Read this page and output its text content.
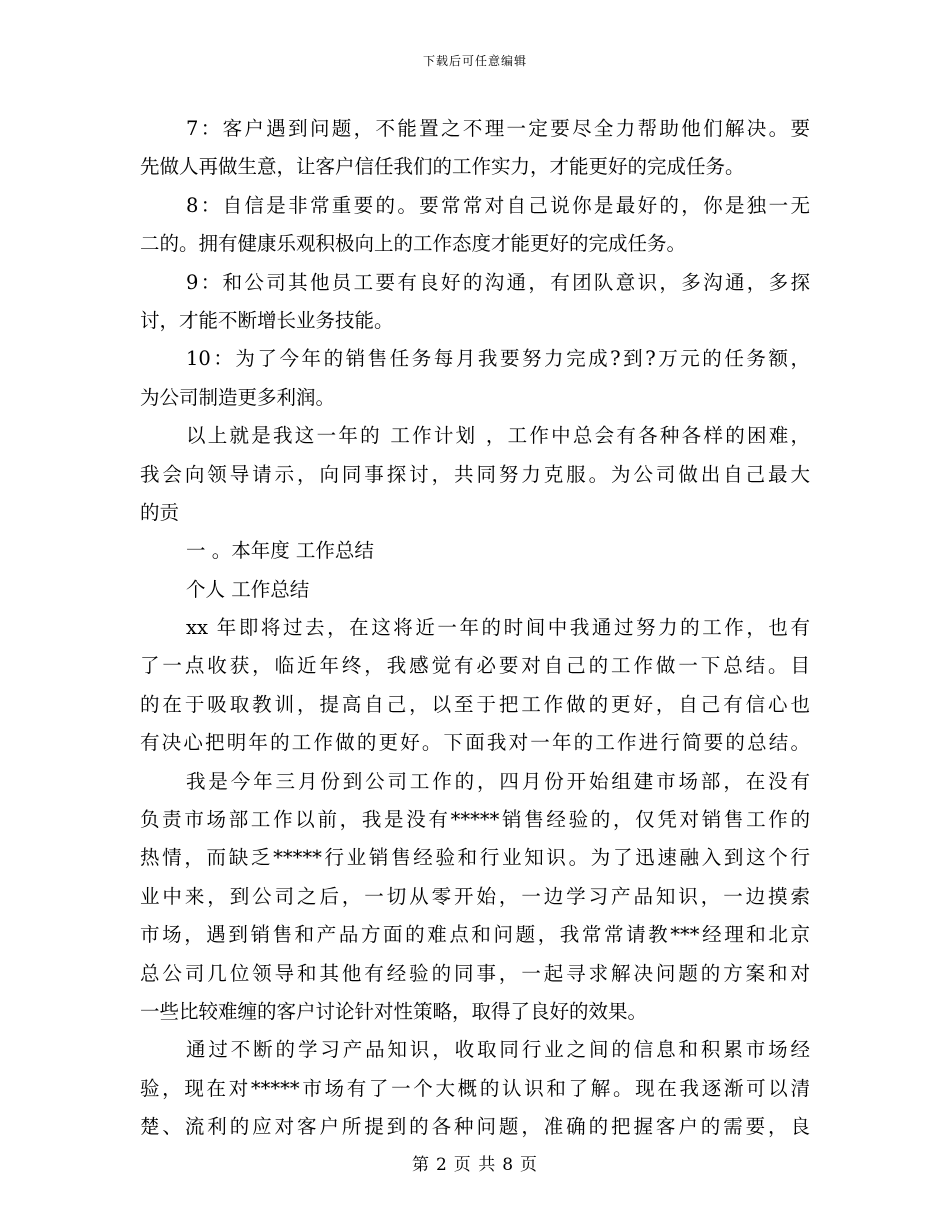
下载后可任意编辑
7：客户遇到问题，不能置之不理一定要尽全力帮助他们解决。要
先做人再做生意，让客户信任我们的工作实力，才能更好的完成任务。
8：自信是非常重要的。要常常对自己说你是最好的，你是独一无
二的。拥有健康乐观积极向上的工作态度才能更好的完成任务。
9：和公司其他员工要有良好的沟通，有团队意识，多沟通，多探
讨，才能不断增长业务技能。
10：为了今年的销售任务每月我要努力完成?到?万元的任务额，
为公司制造更多利润。
以上就是我这一年的 工作计划 ，工作中总会有各种各样的困难，
我会向领导请示，向同事探讨，共同努力克服。为公司做出自己最大
的贡
一 。本年度 工作总结
个人 工作总结
xx 年即将过去，在这将近一年的时间中我通过努力的工作，也有
了一点收获，临近年终，我感觉有必要对自己的工作做一下总结。目
的在于吸取教训，提高自己，以至于把工作做的更好，自己有信心也
有决心把明年的工作做的更好。下面我对一年的工作进行简要的总结。
我是今年三月份到公司工作的，四月份开始组建市场部，在没有
负责市场部工作以前，我是没有*****销售经验的，仅凭对销售工作的
热情，而缺乏*****行业销售经验和行业知识。为了迅速融入到这个行
业中来，到公司之后，一切从零开始，一边学习产品知识，一边摸索
市场，遇到销售和产品方面的难点和问题，我常常请教***经理和北京
总公司几位领导和其他有经验的同事，一起寻求解决问题的方案和对
一些比较难缠的客户讨论针对性策略，取得了良好的效果。
通过不断的学习产品知识，收取同行业之间的信息和积累市场经
验，现在对*****市场有了一个大概的认识和了解。现在我逐渐可以清
楚、流利的应对客户所提到的各种问题，准确的把握客户的需要，良
第 2 页 共 8 页
